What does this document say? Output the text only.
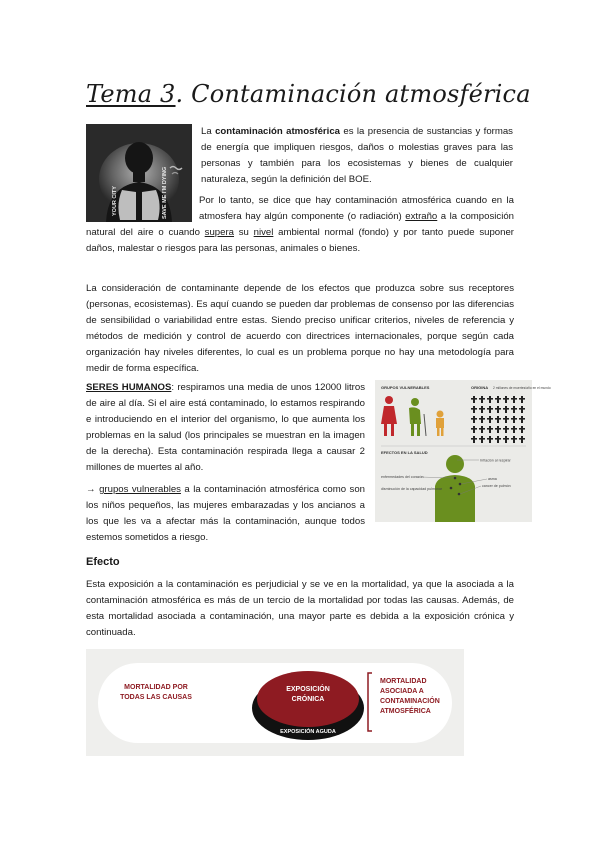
Tema 3. Contaminación atmosférica
YOUR CITY	SAVE ME I'M DYING

La contaminación atmosférica es la presencia de sustancias y formas de energía que impliquen riesgos, daños o molestias graves para las personas y también para los ecosistemas y bienes de cualquier naturaleza, según la definición del BOE.

Por lo tanto, se dice que hay contaminación atmosférica cuando en la atmosfera hay algún componente (o radiación) extraño a la composición natural del aire o cuando supera su nivel ambiental normal (fondo) y por tanto puede suponer daños, malestar o riesgos para las personas, animales o bienes.

La consideración de contaminante depende de los efectos que produzca sobre sus receptores (personas, ecosistemas). Es aquí cuando se pueden dar problemas de consenso por las diferencias de sensibilidad o variabilidad entre estas. Siendo preciso unificar criterios, niveles de referencia y métodos de medición y control de acuerdo con directrices internacionales, porque según cada organización hay niveles diferentes, lo cual es un problema porque no hay una metodología para medir de forma específica.

SERES HUMANOS: respiramos una media de unos 12000 litros de aire al día. Si el aire está contaminado, lo estamos respirando e introduciendo en el interior del organismo, lo que aumenta los problemas en la salud (los principales se muestran en la imagen de la derecha). Esta contaminación respirada llega a causar 2 millones de muertes al año.

→ grupos vulnerables a la contaminación atmosférica como son los niños pequeños, las mujeres embarazadas y los ancianos a los que les va a afectar más la contaminación, aunque todos estemos sometidos a riesgo.

GRUPOS VULNERABLES	ORIGINA 2 millones de muertes/año en el mundo
EFECTOS EN LA SALUD
Irritación al respirar
asma
cancer de pulmón
enfermedades del corazón
disminución de la capacidad pulmonar
Efecto

Esta exposición a la contaminación es perjudicial y se ve en la mortalidad, ya que la asociada a la contaminación atmosférica es más de un tercio de la mortalidad por todas las causas. Además, de esta mortalidad asociada a contaminación, una mayor parte es debida a la exposición crónica y continuada.

MORTALIDAD POR
TODAS LAS CAUSAS
EXPOSICIÓN
CRÓNICA
EXPOSICIÓN AGUDA
MORTALIDAD
ASOCIADA A
CONTAMINACIÓN
ATMOSFÉRICA
